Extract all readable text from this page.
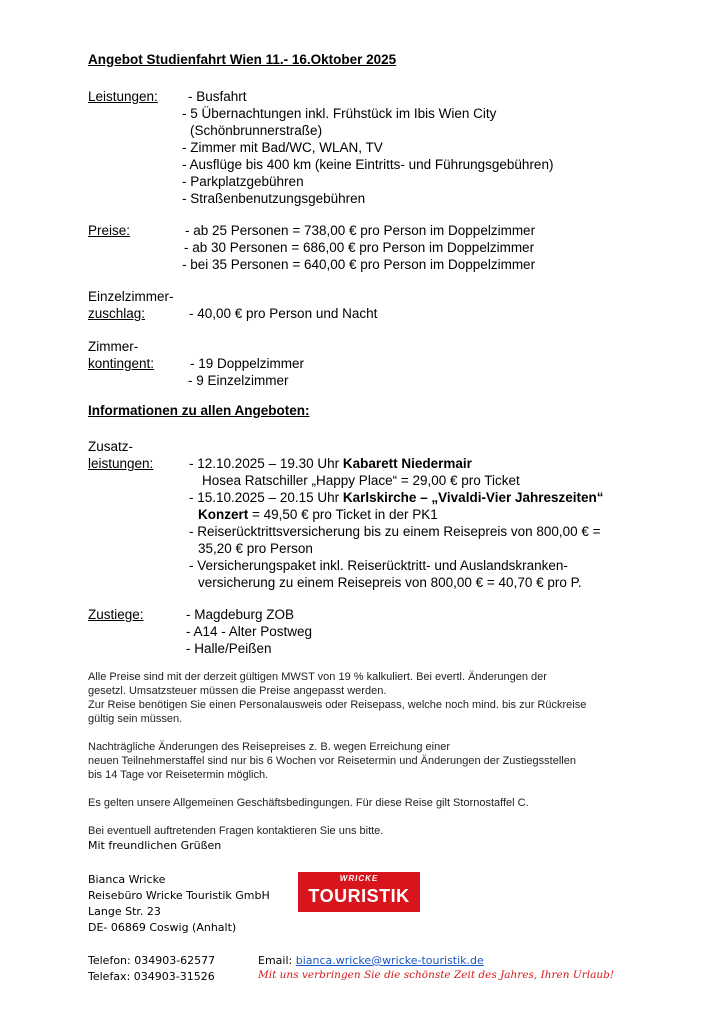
Angebot Studienfahrt Wien 11.- 16.Oktober 2025
Leistungen: - Busfahrt
- 5 Übernachtungen inkl. Frühstück im Ibis Wien City
(Schönbrunnerstraße)
- Zimmer mit Bad/WC, WLAN, TV
- Ausflüge bis 400 km (keine Eintritts- und Führungsgebühren)
- Parkplatzgebühren
- Straßenbenutzungsgebühren
Preise:	- ab 25 Personen = 738,00 € pro Person im Doppelzimmer
- ab 30 Personen = 686,00 € pro Person im Doppelzimmer
- bei 35 Personen = 640,00 € pro Person im Doppelzimmer
Einzelzimmer-
zuschlag:	- 40,00 € pro Person und Nacht
Zimmer-
kontingent:	- 19 Doppelzimmer
- 9 Einzelzimmer
Informationen zu allen Angeboten:
Zusatz-
leistungen:	- 12.10.2025 – 19.30 Uhr Kabarett Niedermair
Hosea Ratschiller „Happy Place“ = 29,00 € pro Ticket
- 15.10.2025 – 20.15 Uhr Karlskirche – „Vivaldi-Vier Jahreszeiten“
Konzert = 49,50 € pro Ticket in der PK1
- Reiserücktrittsversicherung bis zu einem Reisepreis von 800,00 € =
35,20 € pro Person
- Versicherungspaket inkl. Reiserücktritt- und Auslandskranken-
versicherung zu einem Reisepreis von 800,00 € = 40,70 € pro P.
Zustiege:	- Magdeburg ZOB
- A14 - Alter Postweg
- Halle/Peißen
Alle Preise sind mit der derzeit gültigen MWST von 19 % kalkuliert. Bei evertl. Änderungen der
gesetzl. Umsatzsteuer müssen die Preise angepasst werden.
Zur Reise benötigen Sie einen Personalausweis oder Reisepass, welche noch mind. bis zur Rückreise
gültig sein müssen.
Nachträgliche Änderungen des Reisepreises z. B. wegen Erreichung einer
neuen Teilnehmerstaffel sind nur bis 6 Wochen vor Reisetermin und Änderungen der Zustiegsstellen
bis 14 Tage vor Reisetermin möglich.
Es gelten unsere Allgemeinen Geschäftsbedingungen. Für diese Reise gilt Stornostaffel C.
Bei eventuell auftretenden Fragen kontaktieren Sie uns bitte.
Mit freundlichen Grüßen
Bianca Wricke
Reisebüro Wricke Touristik GmbH
Lange Str. 23
DE- 06869 Coswig (Anhalt)
WRICKE
TOURISTIK
Telefon: 034903-62577
Telefax: 034903-31526
Email: bianca.wricke@wricke-touristik.de
Mit uns verbringen Sie die schönste Zeit des Jahres, Ihren Urlaub!
